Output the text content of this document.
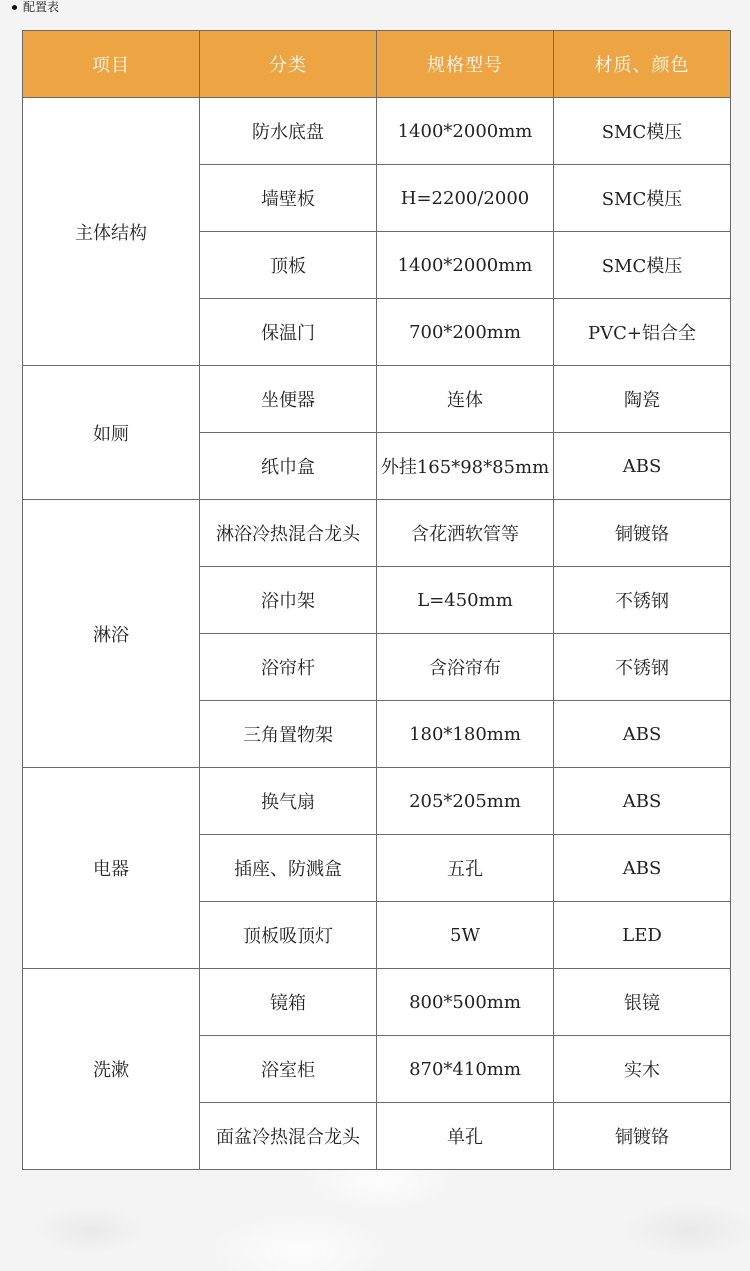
配置表
项目	分类	规格型号	材质、颜色
主体结构	防水底盘	1400*2000mm	SMC模压
	墙壁板	H=2200/2000	SMC模压
	顶板	1400*2000mm	SMC模压
	保温门	700*200mm	PVC+铝合全
如厕	坐便器	连体	陶瓷
	纸巾盒	外挂165*98*85mm	ABS
淋浴	淋浴冷热混合龙头	含花洒软管等	铜镀铬
	浴巾架	L=450mm	不锈钢
	浴帘杆	含浴帘布	不锈钢
	三角置物架	180*180mm	ABS
电器	换气扇	205*205mm	ABS
	插座、防溅盒	五孔	ABS
	顶板吸顶灯	5W	LED
洗漱	镜箱	800*500mm	银镜
	浴室柜	870*410mm	实木
	面盆冷热混合龙头	单孔	铜镀铬
